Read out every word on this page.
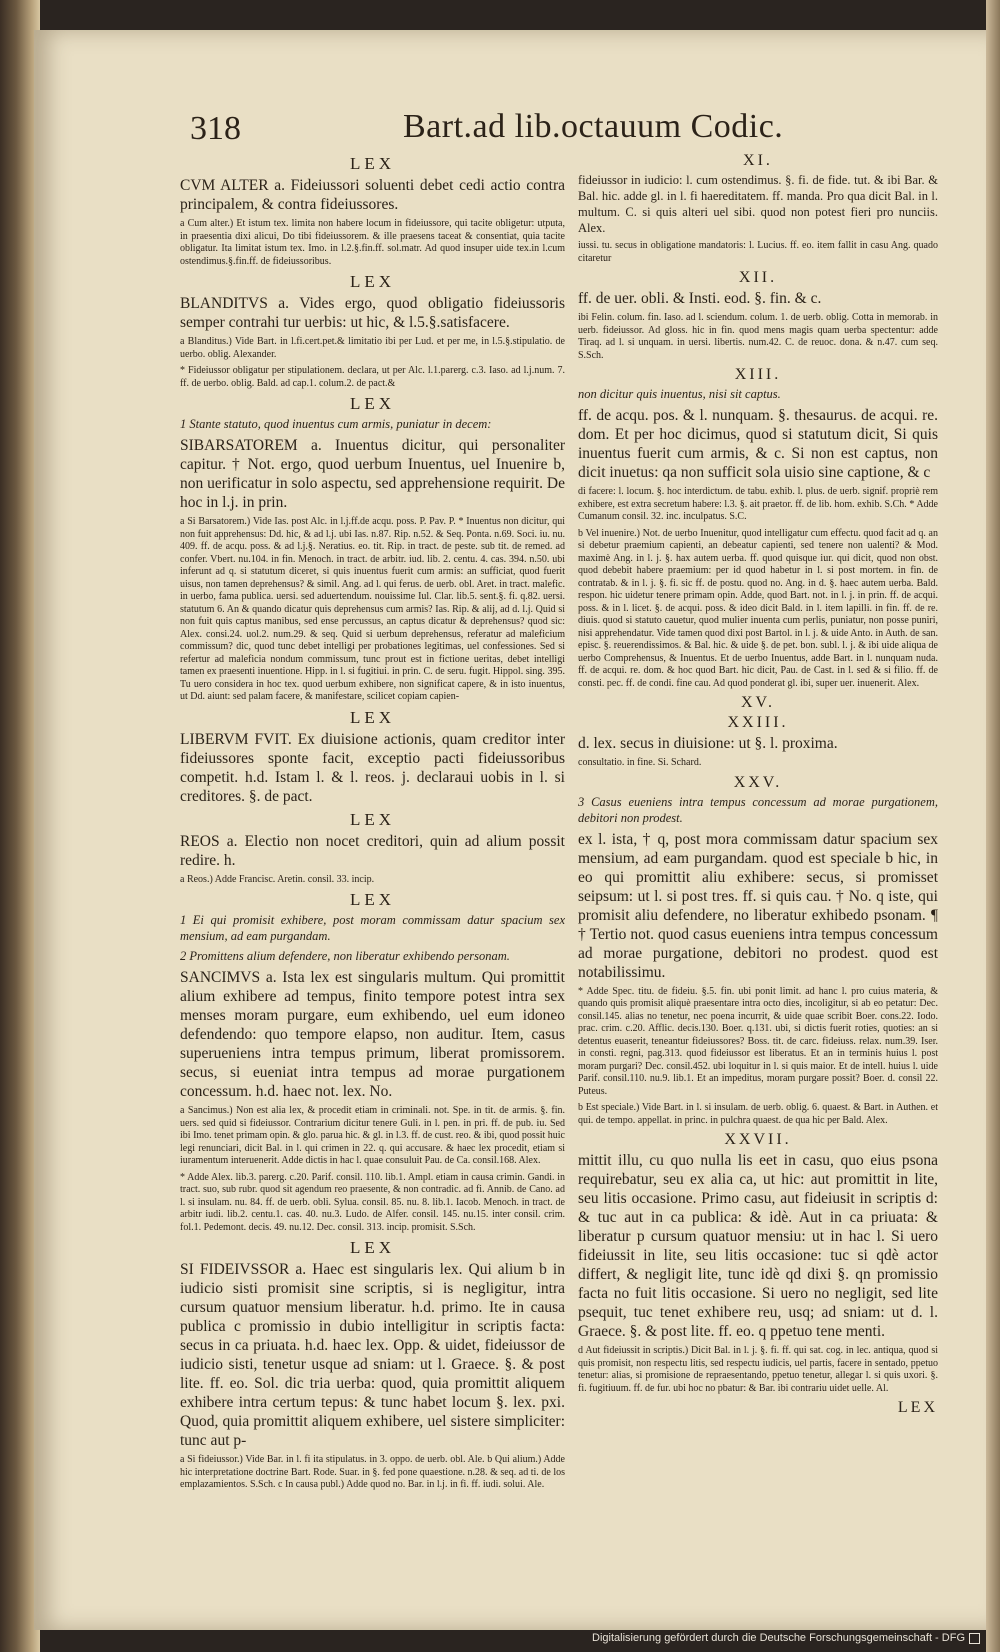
318	Bart.ad lib.octauum Codic.
LEX

CVM ALTER a. Fideiussori soluenti debet cedi actio contra principalem, & contra fideiussores.

a Cum alter.) Et istum tex. limita non habere locum in fideiussore, qui tacite obligetur: utputa, in praesentia dixi alicui, Do tibi fideiussorem. & ille praesens taceat & consentiat, quia tacite obligatur. Ita limitat istum tex. Imo. in l.2.§.fin.ff. sol.matr. Ad quod insuper uide tex.in l.cum ostendimus.§.fin.ff. de fideiussoribus.

LEX

BLANDITVS a. Vides ergo, quod obligatio fideiussoris semper contrahi tur uerbis: ut hic, & l.5.§.satisfacere.

a Blanditus.) Vide Bart. in l.fi.cert.pet.& limitatio ibi per Lud. et per me, in l.5.§.stipulatio. de uerbo. oblig. Alexander.

* Fideiussor obligatur per stipulationem. declara, ut per Alc. l.1.parerg. c.3. Iaso. ad l.j.num. 7. ff. de uerbo. oblig. Bald. ad cap.1. colum.2. de pact.&

LEX

1 Stante statuto, quod inuentus cum armis, puniatur in decem:

SIBARSATOREM a. Inuentus dicitur, qui personaliter capitur. † Not. ergo, quod uerbum Inuentus, uel Inuenire b, non uerificatur in solo aspectu, sed apprehensione requirit. De hoc in l.j. in prin.

a Si Barsatorem.) Vide Ias. post Alc. in l.j.ff.de acqu. poss. P. Pav. P. * Inuentus non dicitur, qui non fuit apprehensus: Dd. hic, & ad l.j. ubi Ias. n.87. Rip. n.52. & Seq. Ponta. n.69. Soci. iu. nu. 409. ff. de acqu. poss. & ad l.j.§. Neratius. eo. tit. Rip. in tract. de peste. sub tit. de remed. ad confer. Vbert. nu.104. in fin. Menoch. in tract. de arbitr. iud. lib. 2. centu. 4. cas. 394. n.50. ubi inferunt ad q. si statutum diceret, si quis inuentus fuerit cum armis: an sufficiat, quod fuerit uisus, non tamen deprehensus? & simil. Ang. ad l. qui ferus. de uerb. obl. Aret. in tract. malefic. in uerbo, fama publica. uersi. sed aduertendum. nouissime Iul. Clar. lib.5. sent.§. fi. q.82. uersi. statutum 6. An & quando dicatur quis deprehensus cum armis? Ias. Rip. & alij, ad d. l.j. Quid si non fuit quis captus manibus, sed ense percussus, an captus dicatur & deprehensus? quod sic: Alex. consi.24. uol.2. num.29. & seq. Quid si uerbum deprehensus, referatur ad maleficium commissum? dic, quod tunc debet intelligi per probationes legitimas, uel confessiones. Sed si refertur ad maleficia nondum commissum, tunc prout est in fictione ueritas, debet intelligi tamen ex praesenti inuentione. Hipp. in l. si fugitiui. in prin. C. de seru. fugit. Hippol. sing. 395. Tu uero considera in hoc tex. quod uerbum exhibere, non significat capere, & in isto inuentus, ut Dd. aiunt: sed palam facere, & manifestare, scilicet copiam capien-

LEX

LIBERVM FVIT. Ex diuisione actionis, quam creditor inter fideiussores sponte facit, exceptio pacti fideiussoribus competit. h.d. Istam l. & l. reos. j. declaraui uobis in l. si creditores. §. de pact.

LEX

REOS a. Electio non nocet creditori, quin ad alium possit redire. h.

a Reos.) Adde Francisc. Aretin. consil. 33. incip.

LEX

1 Ei qui promisit exhibere, post moram commissam datur spacium sex mensium, ad eam purgandam.

2 Promittens alium defendere, non liberatur exhibendo personam.

SANCIMVS a. Ista lex est singularis multum. Qui promittit alium exhibere ad tempus, finito tempore potest intra sex menses moram purgare, eum exhibendo, uel eum idoneo defendendo: quo tempore elapso, non auditur. Item, casus superueniens intra tempus primum, liberat promissorem. secus, si eueniat intra tempus ad morae purgationem concessum. h.d. haec not. lex. No.

a Sancimus.) Non est alia lex, & procedit etiam in criminali. not. Spe. in tit. de armis. §. fin. uers. sed quid si fideiussor. Contrarium dicitur tenere Guli. in l. pen. in pri. ff. de pub. iu. Sed ibi Imo. tenet primam opin. & glo. parua hic. & gl. in l.3. ff. de cust. reo. & ibi, quod possit huic legi renunciari, dicit Bal. in l. qui crimen in 22. q. qui accusare. & haec lex procedit, etiam si iuramentum interuenerit. Adde dictis in hac l. quae consuluit Pau. de Ca. consil.168. Alex.

* Adde Alex. lib.3. parerg. c.20. Parif. consil. 110. lib.1. Ampl. etiam in causa crimin. Gandi. in tract. suo, sub rubr. quod sit agendum reo praesente, & non contradic. ad fi. Annib. de Cano. ad l. si insulam. nu. 84. ff. de uerb. obli. Sylua. consil. 85. nu. 8. lib.1. Iacob. Menoch. in tract. de arbitr iudi. lib.2. centu.1. cas. 40. nu.3. Ludo. de Alfer. consil. 145. nu.15. inter consil. crim. fol.1. Pedemont. decis. 49. nu.12. Dec. consil. 313. incip. promisit. S.Sch.

LEX

SI FIDEIVSSOR a. Haec est singularis lex. Qui alium b in iudicio sisti promisit sine scriptis, si is negligitur, intra cursum quatuor mensium liberatur. h.d. primo. Ite in causa publica c promissio in dubio intelligitur in scriptis facta: secus in ca priuata. h.d. haec lex. Opp. & uidet, fideiussor de iudicio sisti, tenetur usque ad sniam: ut l. Graece. §. & post lite. ff. eo. Sol. dic tria uerba: quod, quia promittit aliquem exhibere intra certum tepus: & tunc habet locum §. lex. pxi. Quod, quia promittit aliquem exhibere, uel sistere simpliciter: tunc aut p-

a Si fideiussor.) Vide Bar. in l. fi ita stipulatus. in 3. oppo. de uerb. obl. Ale. b Qui alium.) Adde hic interpretatione doctrine Bart. Rode. Suar. in §. fed pone quaestione. n.28. & seq. ad ti. de los emplazamientos. S.Sch. c In causa publ.) Adde quod no. Bar. in l.j. in fi. ff. iudi. solui. Ale.

XI.

fideiussor in iudicio: l. cum ostendimus. §. fi. de fide. tut. & ibi Bar. & Bal. hic. adde gl. in l. fi haereditatem. ff. manda. Pro qua dicit Bal. in l. multum. C. si quis alteri uel sibi. quod non potest fieri pro nunciis. Alex.

iussi. tu. secus in obligatione mandatoris: l. Lucius. ff. eo. item fallit in casu Ang. quado citaretur

XII.

ff. de uer. obli. & Insti. eod. §. fin. & c.

ibi Felin. colum. fin. Iaso. ad l. sciendum. colum. 1. de uerb. oblig. Cotta in memorab. in uerb. fideiussor. Ad gloss. hic in fin. quod mens magis quam uerba spectentur: adde Tiraq. ad l. si unquam. in uersi. libertis. num.42. C. de reuoc. dona. & n.47. cum seq. S.Sch.

XIII.

non dicitur quis inuentus, nisi sit captus.

ff. de acqu. pos. & l. nunquam. §. thesaurus. de acqui. re. dom. Et per hoc dicimus, quod si statutum dicit, Si quis inuentus fuerit cum armis, & c. Si non est captus, non dicit inuetus: qa non sufficit sola uisio sine captione, & c

di facere: l. locum. §. hoc interdictum. de tabu. exhib. l. plus. de uerb. signif. propriè rem exhibere, est extra secretum habere: l.3. §. ait praetor. ff. de lib. hom. exhib. S.Ch. * Adde Cumanum consil. 32. inc. inculpatus. S.C.

b Vel inuenire.) Not. de uerbo Inuenitur, quod intelligatur cum effectu. quod facit ad q. an si debetur praemium capienti, an debeatur capienti, sed tenere non ualenti? & Mod. maximè Ang. in l. j. §. hax autem uerba. ff. quod quisque iur. qui dicit, quod non obst. quod debebit habere praemium: per id quod habetur in l. si post mortem. in fin. de contratab. & in l. j. §. fi. sic ff. de postu. quod no. Ang. in d. §. haec autem uerba. Bald. respon. hic uidetur tenere primam opin. Adde, quod Bart. not. in l. j. in prin. ff. de acqui. poss. & in l. licet. §. de acqui. poss. & ideo dicit Bald. in l. item lapilli. in fin. ff. de re. diuis. quod si statuto cauetur, quod mulier inuenta cum perlis, puniatur, non posse puniri, nisi apprehendatur. Vide tamen quod dixi post Bartol. in l. j. & uide Anto. in Auth. de san. episc. §. reuerendissimos. & Bal. hic. & uide §. de pet. bon. subl. l. j. & ibi uide aliqua de uerbo Comprehensus, & Inuentus. Et de uerbo Inuentus, adde Bart. in l. nunquam nuda. ff. de acqui. re. dom. & hoc quod Bart. hic dicit, Pau. de Cast. in l. sed & si filio. ff. de consti. pec. ff. de condi. fine cau. Ad quod ponderat gl. ibi, super uer. inuenerit. Alex.

XV.
XXIII.

d. lex. secus in diuisione: ut §. l. proxima.

consultatio. in fine. Si. Schard.

XXV.

3 Casus eueniens intra tempus concessum ad morae purgationem, debitori non prodest.

ex l. ista, † q, post mora commissam datur spacium sex mensium, ad eam purgandam. quod est speciale b hic, in eo qui promittit aliu exhibere: secus, si promisset seipsum: ut l. si post tres. ff. si quis cau. † No. q iste, qui promisit aliu defendere, no liberatur exhibedo psonam. ¶ † Tertio not. quod casus eueniens intra tempus concessum ad morae purgatione, debitori no prodest. quod est notabilissimu.

* Adde Spec. titu. de fideiu. §.5. fin. ubi ponit limit. ad hanc l. pro cuius materia, & quando quis promisit aliquè praesentare intra octo dies, incoligitur, si ab eo petatur: Dec. consil.145. alias no tenetur, nec poena incurrit, & uide quae scribit Boer. cons.22. Iodo. prac. crim. c.20. Afflic. decis.130. Boer. q.131. ubi, si dictis fuerit roties, quoties: an si detentus euaserit, teneantur fideiussores? Boss. tit. de carc. fideiuss. relax. num.39. Iser. in consti. regni, pag.313. quod fideiussor est liberatus. Et an in terminis huius l. post moram purgari? Dec. consil.452. ubi loquitur in l. si quis maior. Et de intell. huius l. uide Parif. consil.110. nu.9. lib.1. Et an impeditus, moram purgare possit? Boer. d. consil 22. Puteus.

b Est speciale.) Vide Bart. in l. si insulam. de uerb. oblig. 6. quaest. & Bart. in Authen. et qui. de tempo. appellat. in princ. in pulchra quaest. de qua hic per Bald. Alex.

XXVII.

mittit illu, cu quo nulla lis eet in casu, quo eius psona requirebatur, seu ex alia ca, ut hic: aut promittit in lite, seu litis occasione. Primo casu, aut fideiusit in scriptis d: & tuc aut in ca publica: & idè. Aut in ca priuata: & liberatur p cursum quatuor mensiu: ut in hac l. Si uero fideiussit in lite, seu litis occasione: tuc si qdè actor differt, & negligit lite, tunc idè qd dixi §. qn promissio facta no fuit litis occasione. Si uero no negligit, sed lite psequit, tuc tenet exhibere reu, usq; ad sniam: ut d. l. Graece. §. & post lite. ff. eo. q ppetuo tene menti.

d Aut fideiussit in scriptis.) Dicit Bal. in l. j. §. fi. ff. qui sat. cog. in lec. antiqua, quod si quis promisit, non respectu litis, sed respectu iudicis, uel partis, facere in sentado, ppetuo tenetur: alias, si promisione de repraesentando, ppetuo tenetur, allegar l. si quis uxori. §. fi. fugitiuum. ff. de fur. ubi hoc no pbatur: & Bar. ibi contrariu uidet uelle. Al.

LEX
Digitalisierung gefördert durch die Deutsche Forschungsgemeinschaft - DFG
